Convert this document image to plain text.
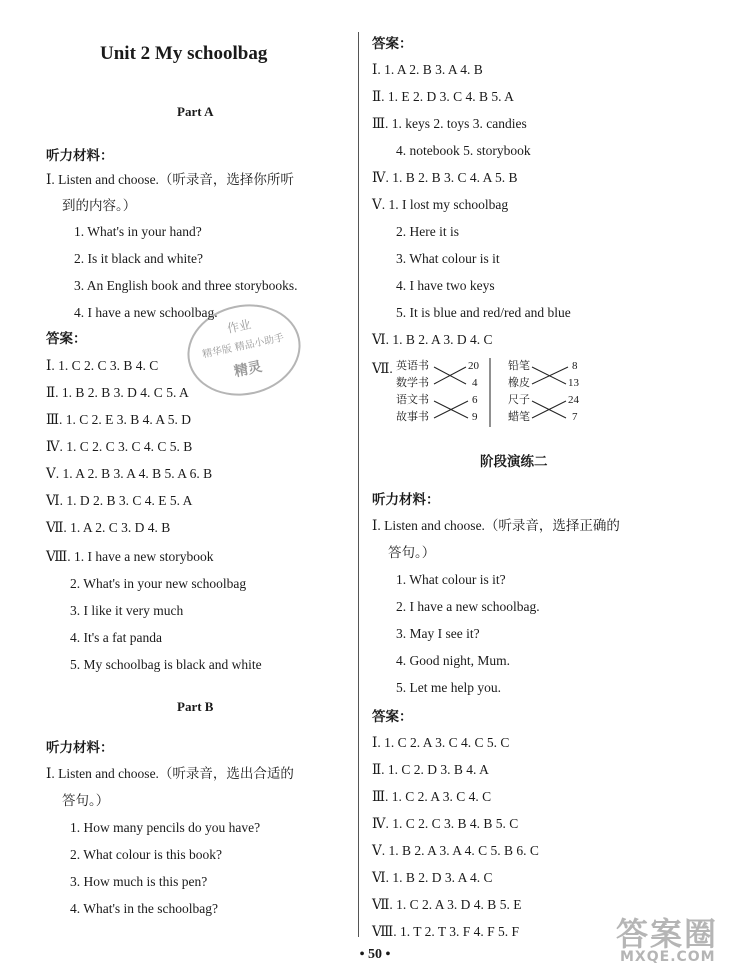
Unit 2 My schoolbag
Part A
听力材料：
Ⅰ. Listen and choose.（听录音，选择你所听
到的内容。）
1. What's in your hand?
2. Is it black and white?
3. An English book and three storybooks.
4. I have a new schoolbag.
答案：
Ⅰ. 1. C 2. C 3. B 4. C
Ⅱ. 1. B 2. B 3. D 4. C 5. A
Ⅲ. 1. C 2. E 3. B 4. A 5. D
Ⅳ. 1. C 2. C 3. C 4. C 5. B
Ⅴ. 1. A 2. B 3. A 4. B 5. A 6. B
Ⅵ. 1. D 2. B 3. C 4. E 5. A
Ⅶ. 1. A 2. C 3. D 4. B
Ⅷ. 1. I have a new storybook
2. What's in your new schoolbag
3. I like it very much
4. It's a fat panda
5. My schoolbag is black and white
Part B
听力材料：
Ⅰ. Listen and choose.（听录音，选出合适的
答句。）
1. How many pencils do you have?
2. What colour is this book?
3. How much is this pen?
4. What's in the schoolbag?
作业
精华版 精品小助手
精灵
答案：
Ⅰ. 1. A 2. B 3. A 4. B
Ⅱ. 1. E 2. D 3. C 4. B 5. A
Ⅲ. 1. keys 2. toys 3. candies
4. notebook 5. storybook
Ⅳ. 1. B 2. B 3. C 4. A 5. B
Ⅴ. 1. I lost my schoolbag
2. Here it is
3. What colour is it
4. I have two keys
5. It is blue and red/red and blue
Ⅵ. 1. B 2. A 3. D 4. C
Ⅶ. 英语书
数学书
语文书
故事书
20
4
6
9
铅笔
橡皮
尺子
蜡笔
8
13
24
7
阶段演练二
听力材料：
Ⅰ. Listen and choose.（听录音，选择正确的
答句。）
1. What colour is it?
2. I have a new schoolbag.
3. May I see it?
4. Good night, Mum.
5. Let me help you.
答案：
Ⅰ. 1. C 2. A 3. C 4. C 5. C
Ⅱ. 1. C 2. D 3. B 4. A
Ⅲ. 1. C 2. A 3. C 4. C
Ⅳ. 1. C 2. C 3. B 4. B 5. C
Ⅴ. 1. B 2. A 3. A 4. C 5. B 6. C
Ⅵ. 1. B 2. D 3. A 4. C
Ⅶ. 1. C 2. A 3. D 4. B 5. E
Ⅷ. 1. T 2. T 3. F 4. F 5. F
• 50 •
答案圈
MXQE.COM
